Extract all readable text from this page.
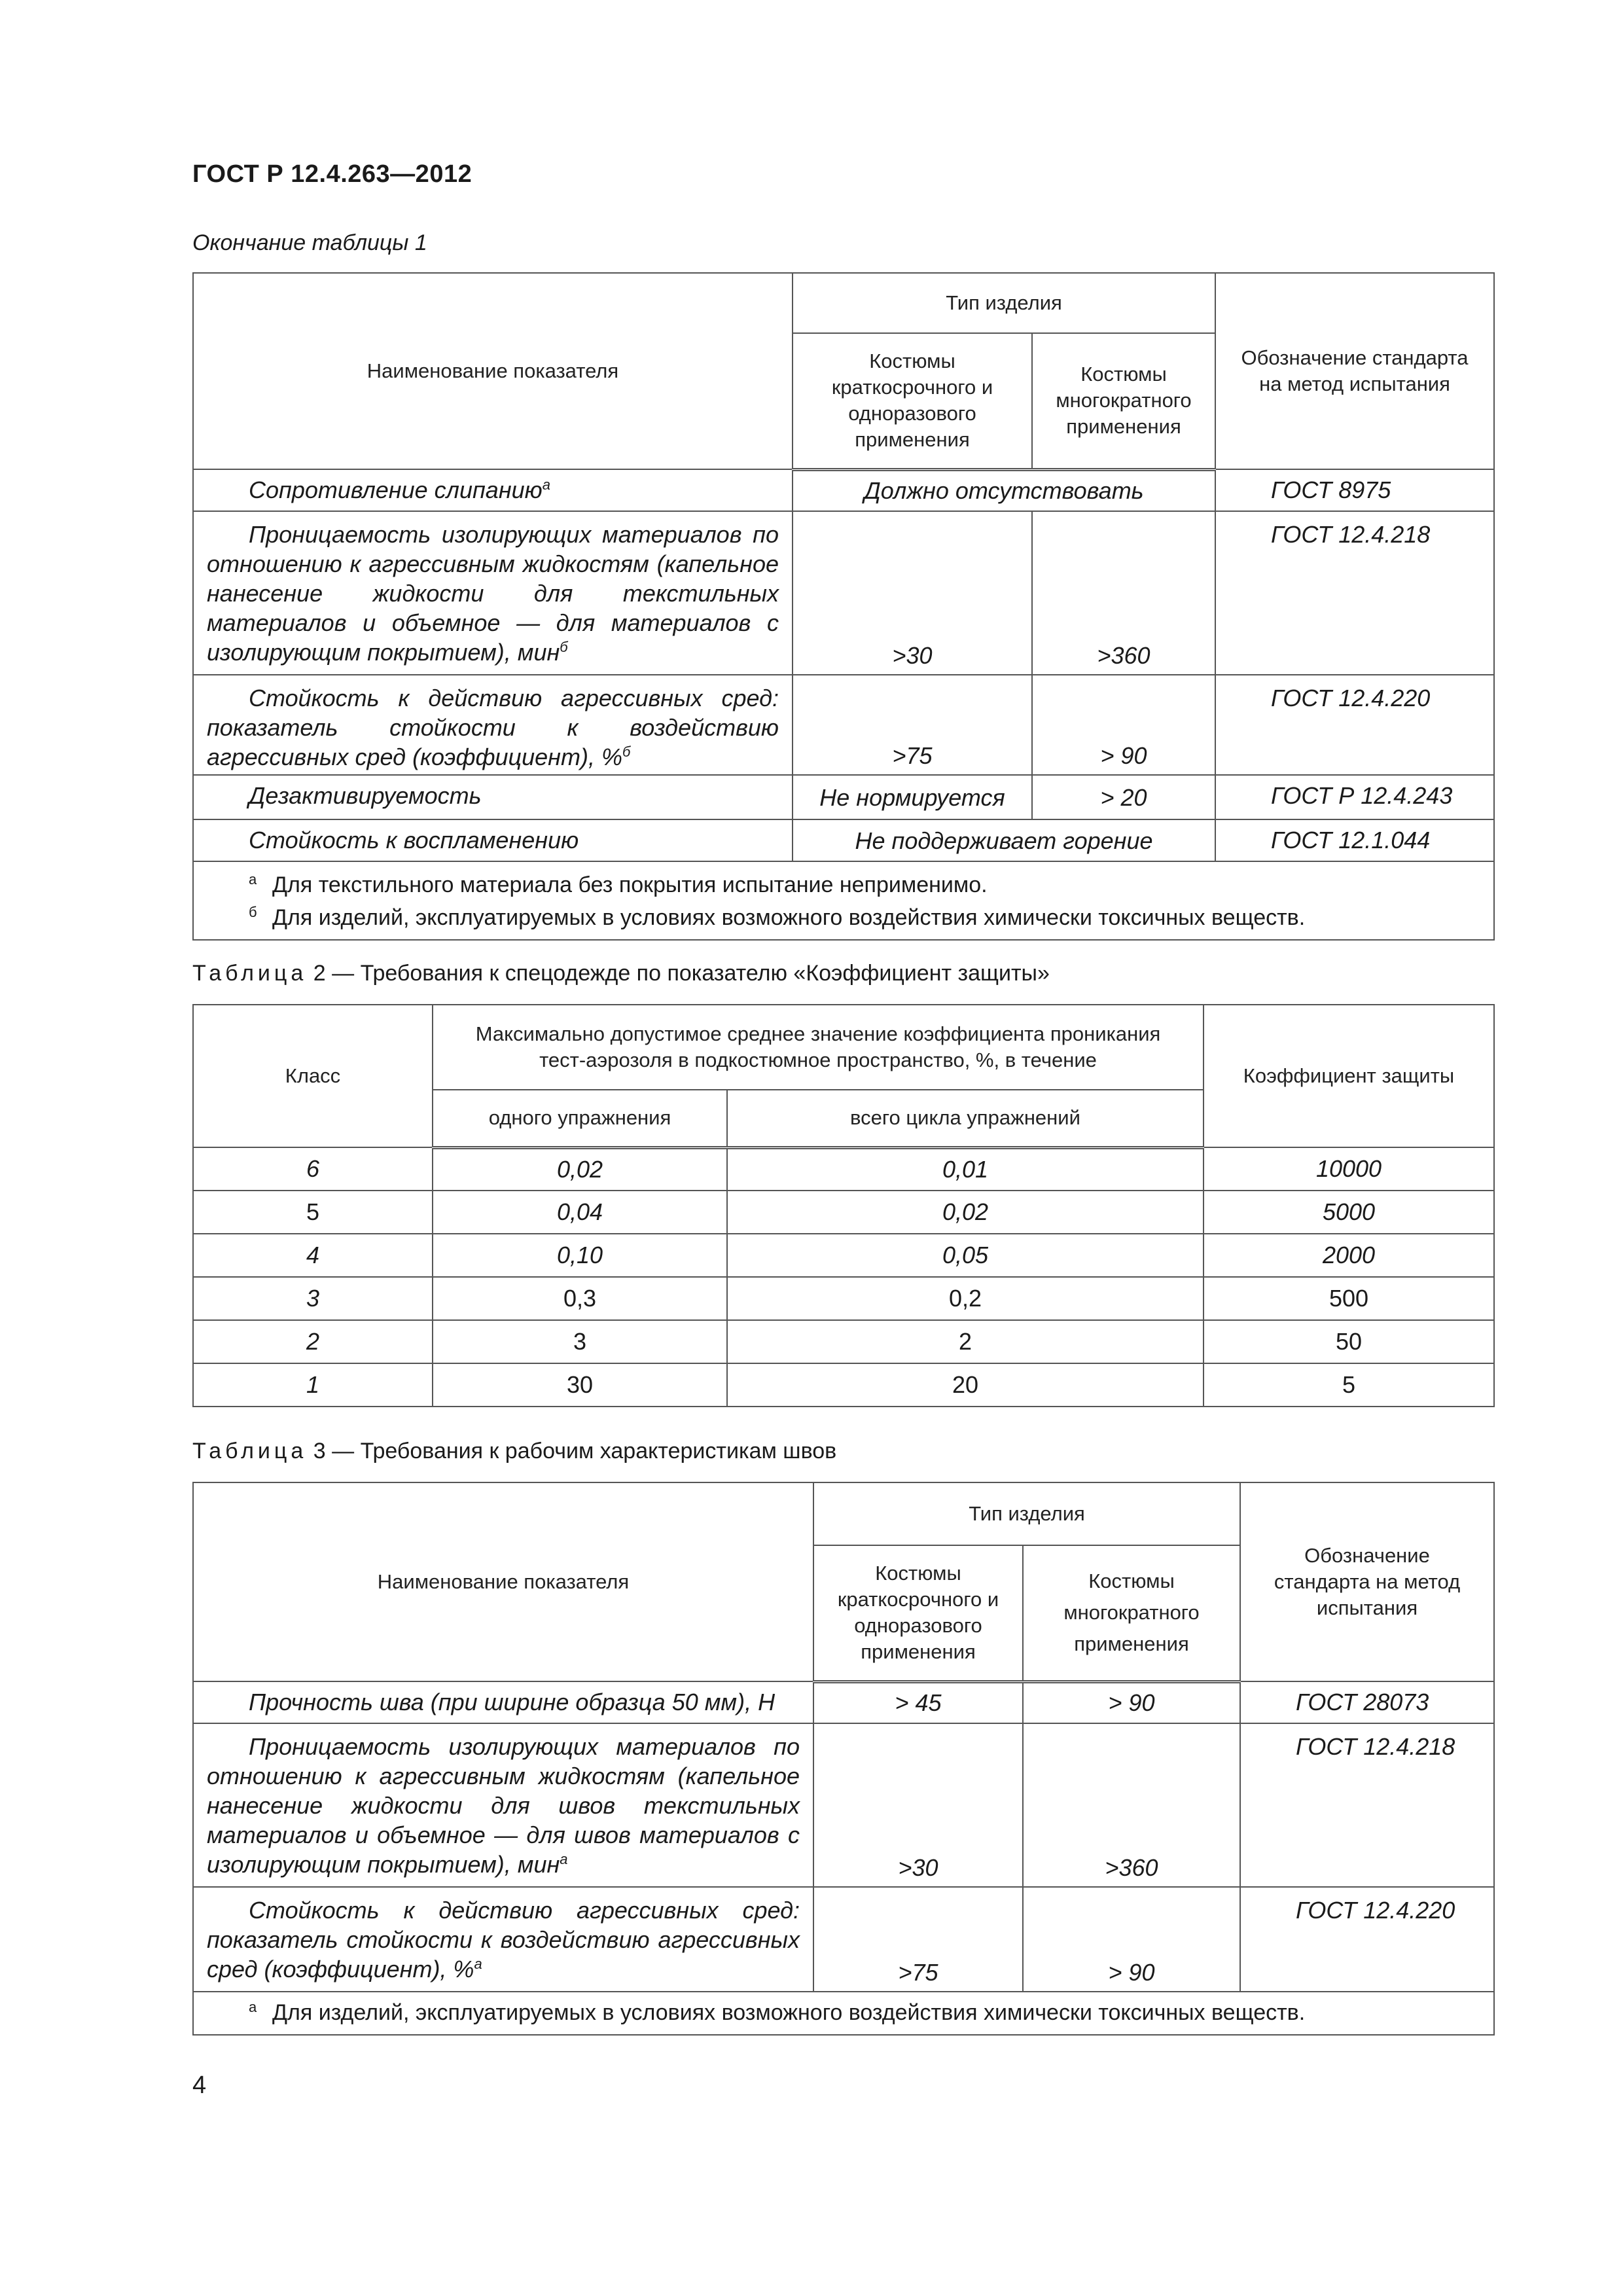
ГОСТ Р 12.4.263—2012
Окончание таблицы 1
Наименование показателя	Тип изделия		Обозначение стандарта на метод испытания
	Костюмы краткосрочного и одноразового применения	Костюмы многократного применения	
Сопротивление слипанию$^а$	Должно отсутствовать		ГОСТ 8975
Проницаемость изолирующих материалов по отношению к агрессивным жидкостям (капельное нанесение жидкости для текстильных материалов и объемное — для материалов с изолирующим покрытием), мин$^б$	>30	>360	ГОСТ 12.4.218
Стойкость к действию агрессивных сред: показатель стойкости к воздействию агрессивных сред (коэффициент), %$^б$	>75	> 90	ГОСТ 12.4.220
Дезактивируемость	Не нормируется	> 20	ГОСТ Р 12.4.243
Стойкость к воспламенению	Не поддерживает горение		ГОСТ 12.1.044

а Для текстильного материала без покрытия испытание неприменимо.
б Для изделий, эксплуатируемых в условиях возможного воздействия химически токсичных веществ.			
Таблица 2 — Требования к спецодежде по показателю «Коэффициент защиты»
Класс	Максимально допустимое среднее значение коэффициента проникания тест-аэрозоля в подкостюмное пространство, %, в течение		Коэффициент защиты
	одного упражнения	всего цикла упражнений	
6	0,02	0,01	10000
5	0,04	0,02	5000
4	0,10	0,05	2000
3	0,3	0,2	500
2	3	2	50
1	30	20	5
Таблица 3 — Требования к рабочим характеристикам швов
Наименование показателя	Тип изделия		Обозначение стандарта на метод испытания
	Костюмы краткосрочного и одноразового применения	Костюмы многократного применения	
Прочность шва (при ширине образца 50 мм), Н	> 45	> 90	ГОСТ 28073
Проницаемость изолирующих материалов по отношению к агрессивным жидкостям (капельное нанесение жидкости для швов текстильных материалов и объемное — для швов материалов с изолирующим покрытием), мин$^а$	>30	>360	ГОСТ 12.4.218
Стойкость к действию агрессивных сред: показатель стойкости к воздействию агрессивных сред (коэффициент), %$^а$	>75	> 90	ГОСТ 12.4.220

а Для изделий, эксплуатируемых в условиях возможного воздействия химически токсичных веществ.			
4
